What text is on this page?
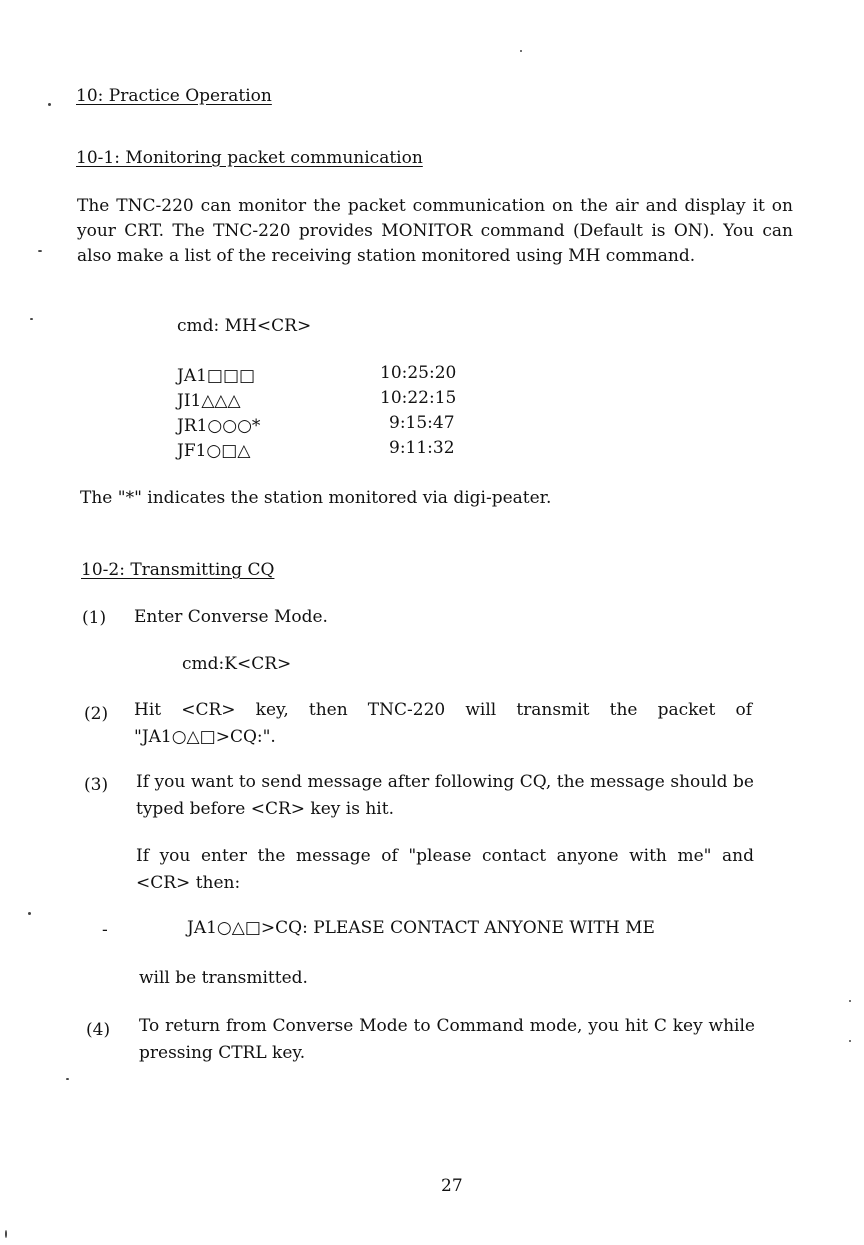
10: Practice Operation
10-1: Monitoring packet communication
The TNC-220 can monitor the packet communication on the air and display it on your CRT. The TNC-220 provides MONITOR command (Default is ON). You can also make a list of the receiving station monitored using MH command.
cmd: MH<CR>
JA1□□□	10:25:20
JI1△△△	10:22:15
JR1○○○*	9:15:47
JF1○□△	9:11:32
The "*" indicates the station monitored via digi-peater.
10-2: Transmitting CQ
(1) Enter Converse Mode.
cmd:K<CR>
(2) Hit <CR> key, then TNC-220 will transmit the packet of "JA1○△□>CQ:".
(3) If you want to send message after following CQ, the message should be typed before <CR> key is hit.
If you enter the message of "please contact anyone with me" and <CR> then:
-	JA1○△□>CQ: PLEASE CONTACT ANYONE WITH ME
will be transmitted.
(4) To return from Converse Mode to Command mode, you hit C key while pressing CTRL key.
27
